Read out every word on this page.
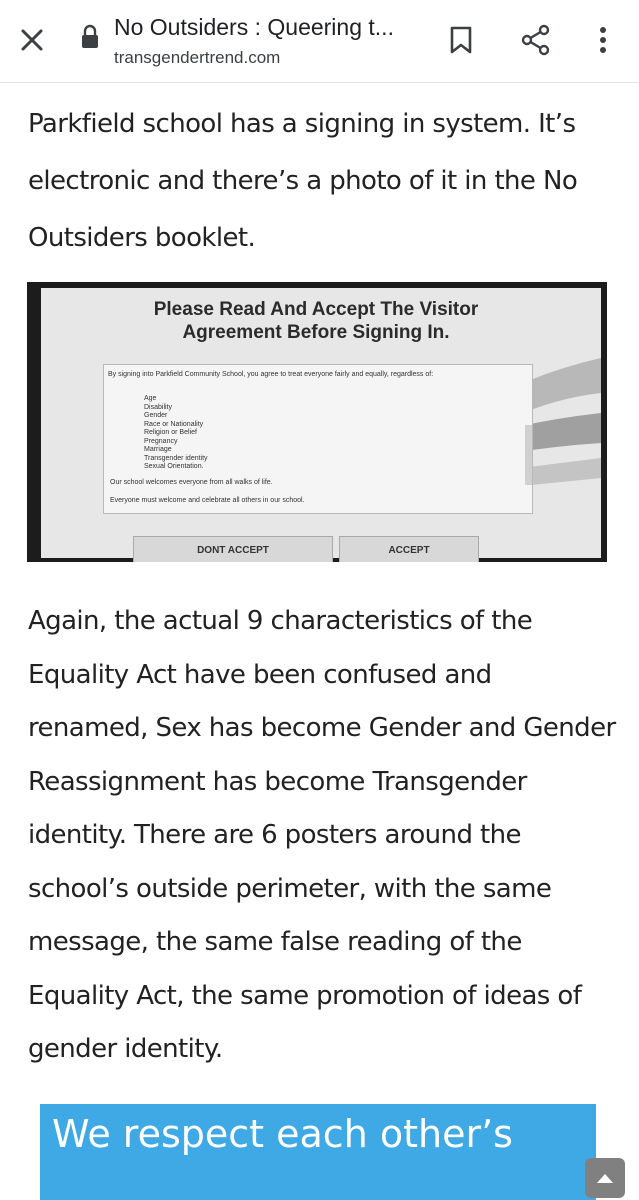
No Outsiders : Queering t...
transgendertrend.com
Parkfield school has a signing in system. It’s electronic and there’s a photo of it in the No Outsiders booklet.
Please Read And Accept The Visitor
Agreement Before Signing In.
By signing into Parkfield Community School, you agree to treat everyone fairly and equally, regardless of:
Age
Disability
Gender
Race or Nationality
Religion or Belief
Pregnancy
Marriage
Transgender identity
Sexual Orientation.
Our school welcomes everyone from all walks of life.
Everyone must welcome and celebrate all others in our school.
DONT ACCEPT	ACCEPT
Again, the actual 9 characteristics of the Equality Act have been confused and renamed, Sex has become Gender and Gender Reassignment has become Transgender identity. There are 6 posters around the school’s outside perimeter, with the same message, the same false reading of the Equality Act, the same promotion of ideas of gender identity.
We respect each other’s
